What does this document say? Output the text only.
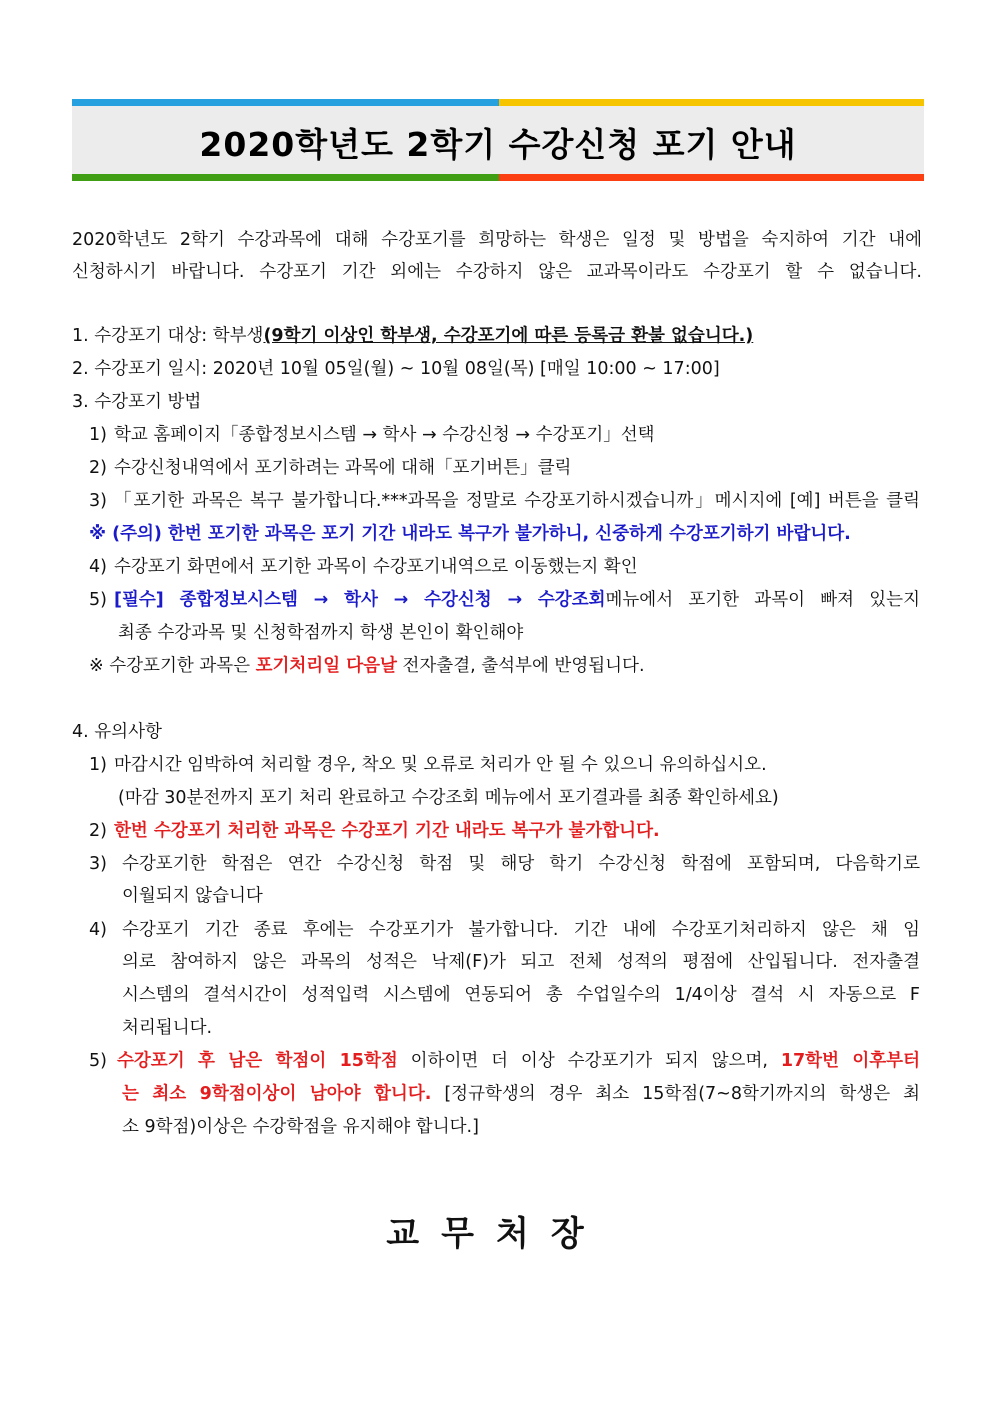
2020학년도 2학기 수강신청 포기 안내
2020학년도 2학기 수강과목에 대해 수강포기를 희망하는 학생은 일정 및 방법을 숙지하여 기간 내에
신청하시기 바랍니다. 수강포기 기간 외에는 수강하지 않은 교과목이라도 수강포기 할 수 없습니다.
1. 수강포기 대상: 학부생(9학기 이상인 학부생, 수강포기에 따른 등록금 환불 없습니다.)
2. 수강포기 일시: 2020년 10월 05일(월) ~ 10월 08일(목) [매일 10:00 ~ 17:00]
3. 수강포기 방법
1) 학교 홈페이지「종합정보시스템 → 학사 → 수강신청 → 수강포기」선택
2) 수강신청내역에서 포기하려는 과목에 대해「포기버튼」클릭
3) 「포기한 과목은 복구 불가합니다.***과목을 정말로 수강포기하시겠습니까」메시지에 [예] 버튼을 클릭
※ (주의) 한번 포기한 과목은 포기 기간 내라도 복구가 불가하니, 신중하게 수강포기하기 바랍니다.
4) 수강포기 화면에서 포기한 과목이 수강포기내역으로 이동했는지 확인
5) [필수] 종합정보시스템 → 학사 → 수강신청 → 수강조회메뉴에서 포기한 과목이 빠져 있는지
최종 수강과목 및 신청학점까지 학생 본인이 확인해야
※ 수강포기한 과목은 포기처리일 다음날 전자출결, 출석부에 반영됩니다.
4. 유의사항
1) 마감시간 임박하여 처리할 경우, 착오 및 오류로 처리가 안 될 수 있으니 유의하십시오.
(마감 30분전까지 포기 처리 완료하고 수강조회 메뉴에서 포기결과를 최종 확인하세요)
2) 한번 수강포기 처리한 과목은 수강포기 기간 내라도 복구가 불가합니다.
3) 수강포기한 학점은 연간 수강신청 학점 및 해당 학기 수강신청 학점에 포함되며, 다음학기로
이월되지 않습니다
4) 수강포기 기간 종료 후에는 수강포기가 불가합니다. 기간 내에 수강포기처리하지 않은 채 임
의로 참여하지 않은 과목의 성적은 낙제(F)가 되고 전체 성적의 평점에 산입됩니다. 전자출결
시스템의 결석시간이 성적입력 시스템에 연동되어 총 수업일수의 1/4이상 결석 시 자동으로 F
처리됩니다.
5) 수강포기 후 남은 학점이 15학점 이하이면 더 이상 수강포기가 되지 않으며, 17학번 이후부터
는 최소 9학점이상이 남아야 합니다. [정규학생의 경우 최소 15학점(7~8학기까지의 학생은 최
소 9학점)이상은 수강학점을 유지해야 합니다.]
교무처장
